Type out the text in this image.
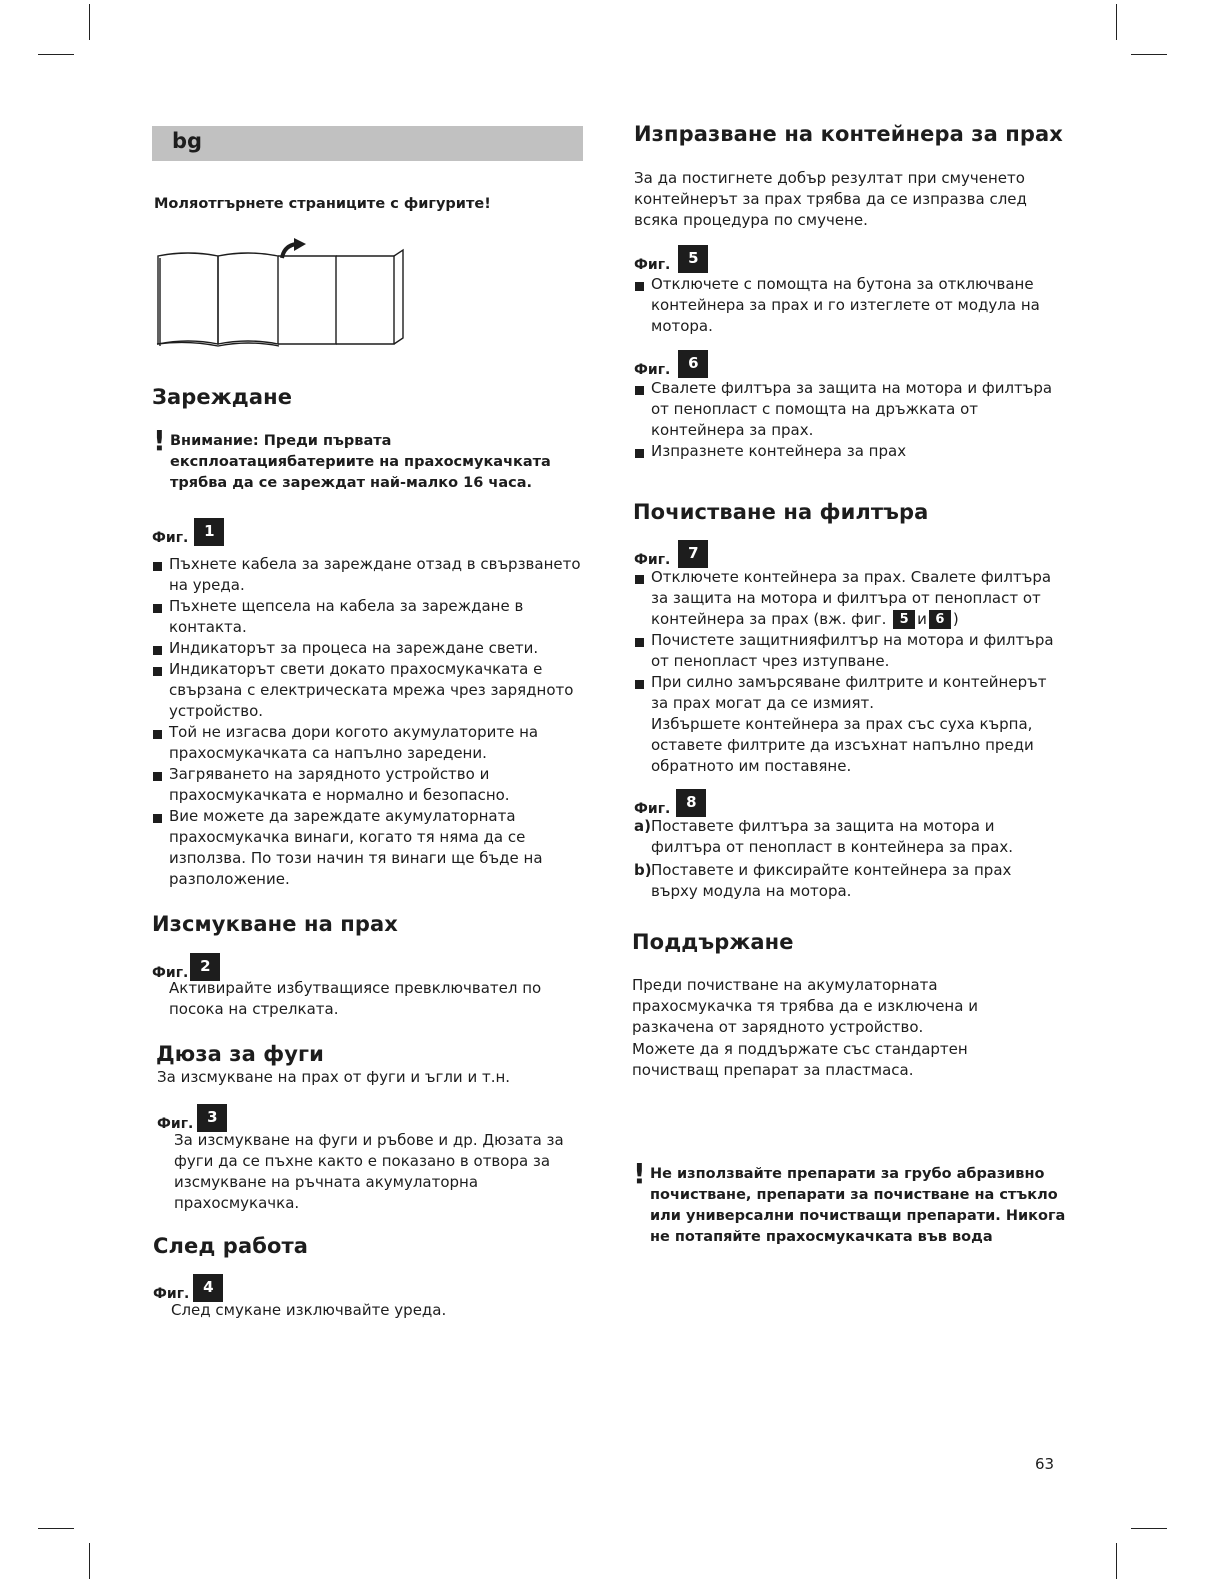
bg
Моляотгърнете страниците с фигурите!
Зареждане
! Внимание: Преди първата експлоатациябатериите на прахосмукачката трябва да се зареждат най-малко 16 часа.
Фиг. 1
Пъхнете кабела за зареждане отзад в свързването на уреда.
Пъхнете щепсела на кабела за зареждане в контакта.
Индикаторът за процеса на зареждане свети.
Индикаторът свети докато прахосмукачката е свързана с електрическата мрежа чрез зарядното устройство.
Той не изгасва дори когото акумулаторите на прахосмукачката са напълно заредени.
Загряването на зарядното устройство и прахосмукачката е нормално и безопасно.
Вие можете да зареждате акумулаторната прахосмукачка винаги, когато тя няма да се използва. По този начин тя винаги ще бъде на разположение.
Изсмукване на прах
Фиг. 2

Активирайте избутващиясе превключвател по посока на стрелката.

Дюза за фуги

За изсмукване на прах от фуги и ъгли и т.н.

Фиг. 3

За изсмукване на фуги и ръбове и др. Дюзата за фуги да се пъхне както е показано в отвора за изсмукване на ръчната акумулаторна прахосмукачка.

След работа
Фиг. 4

След смукане изключвайте уреда.

Изпразване на контейнера за прах

За да постигнете добър резултат при смученето контейнерът за прах трябва да се изпразва след всяка процедура по смучене.

Фиг. 5
Отключете с помощта на бутона за отключване контейнера за прах и го изтеглете от модула на мотора.
Фиг. 6
Свалете филтъра за защита на мотора и филтъра от пенопласт с помощта на дръжката от контейнера за прах.
Изпразнете контейнера за прах
Почистване на филтъра
Фиг. 7
Отключете контейнера за прах. Свалете филтъра за защита на мотора и филтъра от пенопласт от контейнера за прах (вж. фиг. 5 и 6 )
Почистете защитнияфилтър на мотора и филтъра от пенопласт чрез изтупване.
При силно замърсяване филтрите и контейнерът за прах могат да се измият.
Избършете контейнера за прах със суха кърпа, оставете филтрите да изсъхнат напълно преди обратното им поставяне.
Фиг. 8
a) Поставете филтъра за защита на мотора и филтъра от пенопласт в контейнера за прах.
b) Поставете и фиксирайте контейнера за прах върху модула на мотора.
Поддържане

Преди почистване на акумулаторната прахосмукачка тя трябва да е изключена и разкачена от зарядното устройство.

Можете да я поддържате със стандартен почистващ препарат за пластмаса.

! Не използвайте препарати за грубо абразивно почистване, препарати за почистване на стъкло или универсални почистващи препарати. Никога не потапяйте прахосмукачката във вода
63
